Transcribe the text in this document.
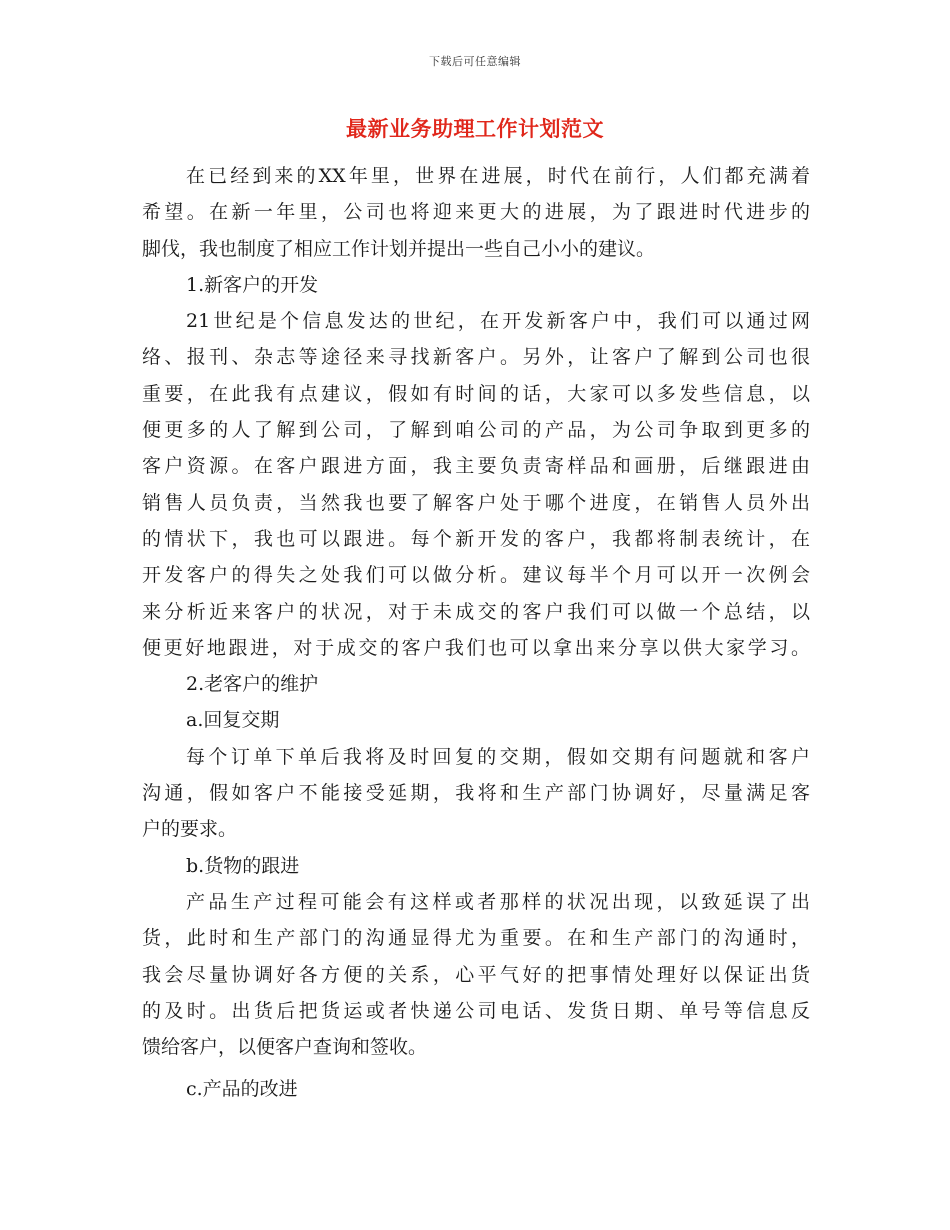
下载后可任意编辑
最新业务助理工作计划范文
在已经到来的XX年里，世界在进展，时代在前行，人们都充满着
希望。在新一年里，公司也将迎来更大的进展，为了跟进时代进步的
脚伐，我也制度了相应工作计划并提出一些自己小小的建议。
1.新客户的开发
21世纪是个信息发达的世纪，在开发新客户中，我们可以通过网
络、报刊、杂志等途径来寻找新客户。另外，让客户了解到公司也很
重要，在此我有点建议，假如有时间的话，大家可以多发些信息，以
便更多的人了解到公司，了解到咱公司的产品，为公司争取到更多的
客户资源。在客户跟进方面，我主要负责寄样品和画册，后继跟进由
销售人员负责，当然我也要了解客户处于哪个进度，在销售人员外出
的情状下，我也可以跟进。每个新开发的客户，我都将制表统计，在
开发客户的得失之处我们可以做分析。建议每半个月可以开一次例会
来分析近来客户的状况，对于未成交的客户我们可以做一个总结，以
便更好地跟进，对于成交的客户我们也可以拿出来分享以供大家学习。
2.老客户的维护
a.回复交期
每个订单下单后我将及时回复的交期，假如交期有问题就和客户
沟通，假如客户不能接受延期，我将和生产部门协调好，尽量满足客
户的要求。
b.货物的跟进
产品生产过程可能会有这样或者那样的状况出现，以致延误了出
货，此时和生产部门的沟通显得尤为重要。在和生产部门的沟通时，
我会尽量协调好各方便的关系，心平气好的把事情处理好以保证出货
的及时。出货后把货运或者快递公司电话、发货日期、单号等信息反
馈给客户，以便客户查询和签收。
c.产品的改进
